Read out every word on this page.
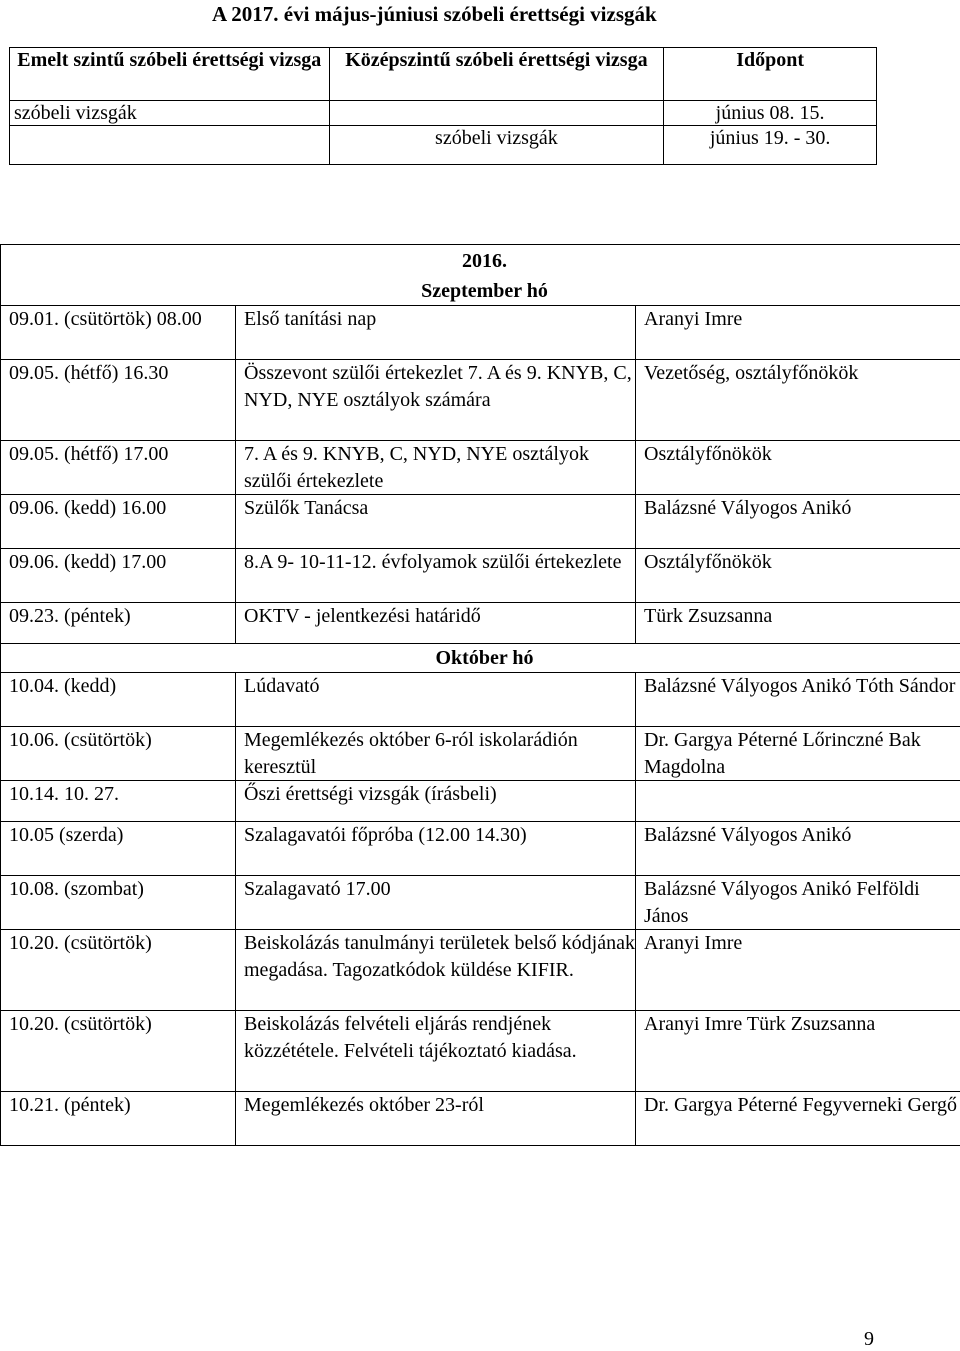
A 2017. évi május-júniusi szóbeli érettségi vizsgák
Emelt szintű szóbeli érettségi vizsga	Középszintű szóbeli érettségi vizsga	Időpont
szóbeli vizsgák		június 08. 15.
	szóbeli vizsgák	június 19. - 30.
2016.
Szeptember hó		

09.01. (csütörtök) 08.00	Első tanítási nap	Aranyi Imre
09.05. (hétfő) 16.30	Összevont szülői értekezlet 7. A és 9. KNYB, C, NYD, NYE osztályok számára	Vezetőség, osztályfőnökök
09.05. (hétfő) 17.00	7. A és 9. KNYB, C, NYD, NYE osztályok szülői értekezlete	Osztályfőnökök
09.06. (kedd) 16.00	Szülők Tanácsa	Balázsné Vályogos Anikó
09.06. (kedd) 17.00	8.A 9- 10-11-12. évfolyamok szülői értekezlete	Osztályfőnökök
09.23. (péntek)	OKTV - jelentkezési határidő	Türk Zsuzsanna

Október hó		

10.04. (kedd)	Lúdavató	Balázsné Vályogos Anikó Tóth Sándor
10.06. (csütörtök)	Megemlékezés október 6-ról iskolarádión keresztül	Dr. Gargya Péterné Lőrinczné Bak Magdolna
10.14. 10. 27.	Őszi érettségi vizsgák (írásbeli)	
10.05 (szerda)	Szalagavatói főpróba (12.00 14.30)	Balázsné Vályogos Anikó
10.08. (szombat)	Szalagavató 17.00	Balázsné Vályogos Anikó Felföldi János
10.20. (csütörtök)	Beiskolázás tanulmányi területek belső kódjának megadása. Tagozatkódok küldése KIFIR.	Aranyi Imre
10.20. (csütörtök)	Beiskolázás felvételi eljárás rendjének közzététele. Felvételi tájékoztató kiadása.	Aranyi Imre Türk Zsuzsanna
10.21. (péntek)	Megemlékezés október 23-ról	Dr. Gargya Péterné Fegyverneki Gergő
9
